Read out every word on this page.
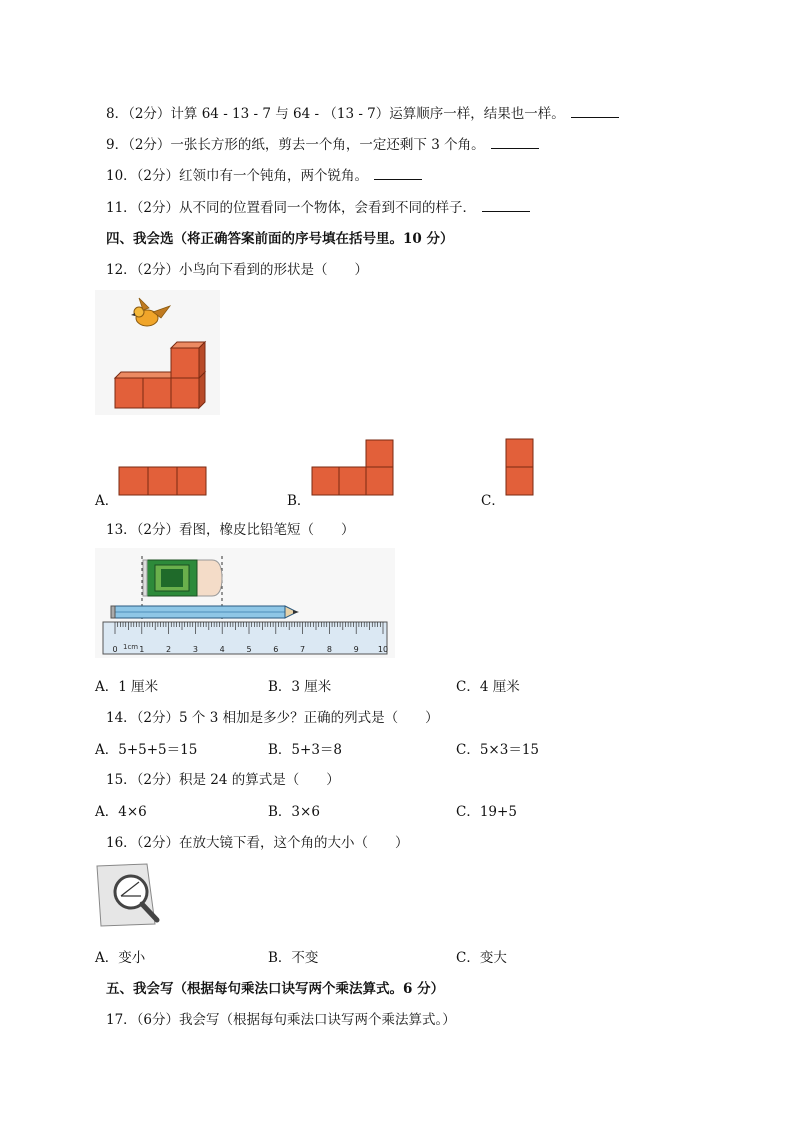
8．（2分）计算 64 - 13 - 7 与 64 - （13 - 7）运算顺序一样，结果也一样。
9．（2分）一张长方形的纸，剪去一个角，一定还剩下 3 个角。
10．（2分）红领巾有一个钝角，两个锐角。
11．（2分）从不同的位置看同一个物体，会看到不同的样子．
四、我会选（将正确答案前面的序号填在括号里。10 分）
12．（2分）小鸟向下看到的形状是（　　）
A．	B．	C．
13．（2分）看图，橡皮比铅笔短（　　）
1cm
0	1	2	3	4	5	6	7	8	9 10
A．1 厘米	B．3 厘米	C．4 厘米
14．（2分）5 个 3 相加是多少？正确的列式是（　　）
A．5+5+5＝15	B．5+3＝8	C．5×3＝15
15．（2分）积是 24 的算式是（　　）
A．4×6	B．3×6	C．19+5
16．（2分）在放大镜下看，这个角的大小（　　）
A．变小	B．不变	C．变大
五、我会写（根据每句乘法口诀写两个乘法算式。6 分）
17．（6分）我会写（根据每句乘法口诀写两个乘法算式。）
